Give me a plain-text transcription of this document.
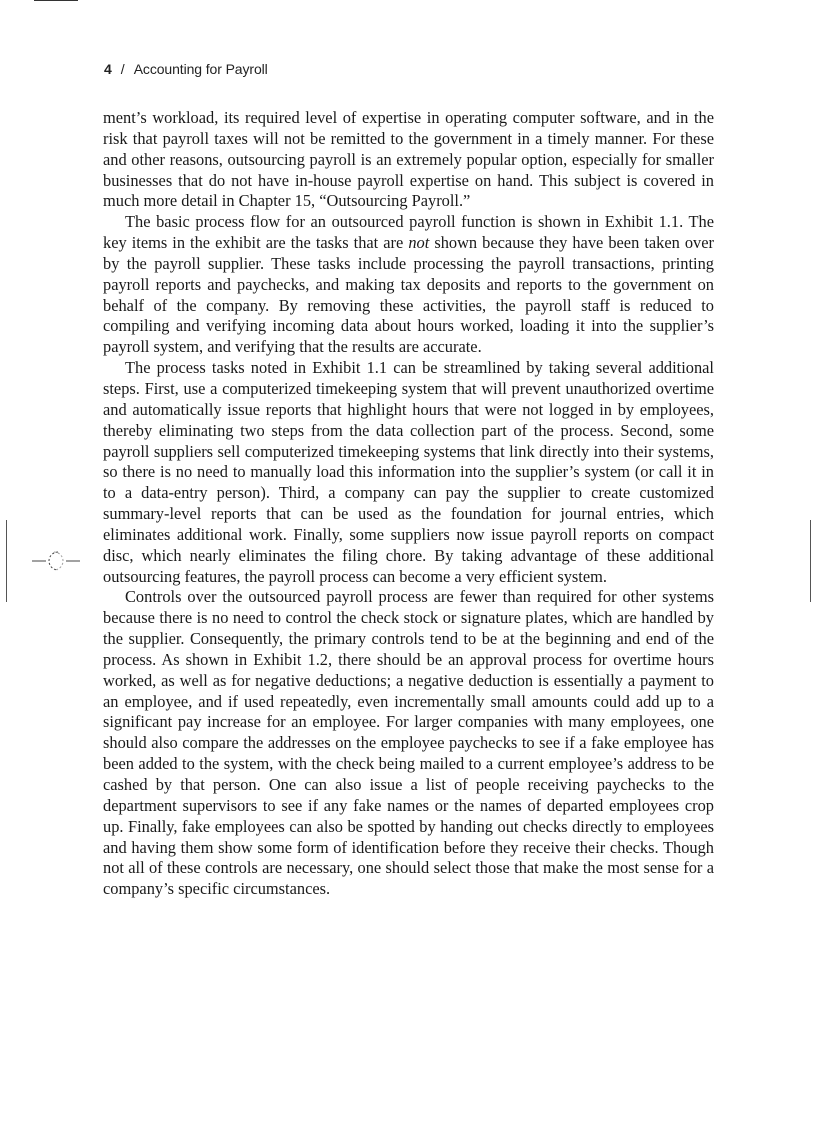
4 / Accounting for Payroll

ment’s workload, its required level of expertise in operating computer software, and in the risk that payroll taxes will not be remitted to the government in a timely manner. For these and other reasons, outsourcing payroll is an extremely popular option, especially for smaller businesses that do not have in-house payroll expertise on hand. This subject is covered in much more detail in Chapter 15, “Outsourcing Payroll.”

The basic process flow for an outsourced payroll function is shown in Exhibit 1.1. The key items in the exhibit are the tasks that are not shown because they have been taken over by the payroll supplier. These tasks include processing the payroll transactions, printing payroll reports and paychecks, and making tax deposits and reports to the government on behalf of the company. By removing these activities, the payroll staff is reduced to compiling and verifying incoming data about hours worked, loading it into the supplier’s payroll system, and verifying that the results are accurate.

The process tasks noted in Exhibit 1.1 can be streamlined by taking several additional steps. First, use a computerized timekeeping system that will prevent unauthorized overtime and automatically issue reports that highlight hours that were not logged in by employees, thereby eliminating two steps from the data collection part of the process. Second, some payroll suppliers sell computerized timekeeping systems that link directly into their systems, so there is no need to manually load this information into the supplier’s system (or call it in to a data-entry person). Third, a company can pay the supplier to create customized summary-level reports that can be used as the foundation for journal entries, which eliminates additional work. Finally, some suppliers now issue payroll reports on compact disc, which nearly eliminates the filing chore. By taking advantage of these additional outsourcing features, the payroll process can become a very efficient system.

Controls over the outsourced payroll process are fewer than required for other systems because there is no need to control the check stock or signature plates, which are handled by the supplier. Consequently, the primary controls tend to be at the beginning and end of the process. As shown in Exhibit 1.2, there should be an approval process for overtime hours worked, as well as for negative deductions; a negative deduction is essentially a payment to an employee, and if used repeatedly, even incrementally small amounts could add up to a significant pay increase for an employee. For larger companies with many employees, one should also compare the addresses on the employee paychecks to see if a fake employee has been added to the system, with the check being mailed to a current employee’s address to be cashed by that person. One can also issue a list of people receiving paychecks to the department supervisors to see if any fake names or the names of departed employees crop up. Finally, fake employees can also be spotted by handing out checks directly to employees and having them show some form of identification before they receive their checks. Though not all of these controls are necessary, one should select those that make the most sense for a company’s specific circumstances.
